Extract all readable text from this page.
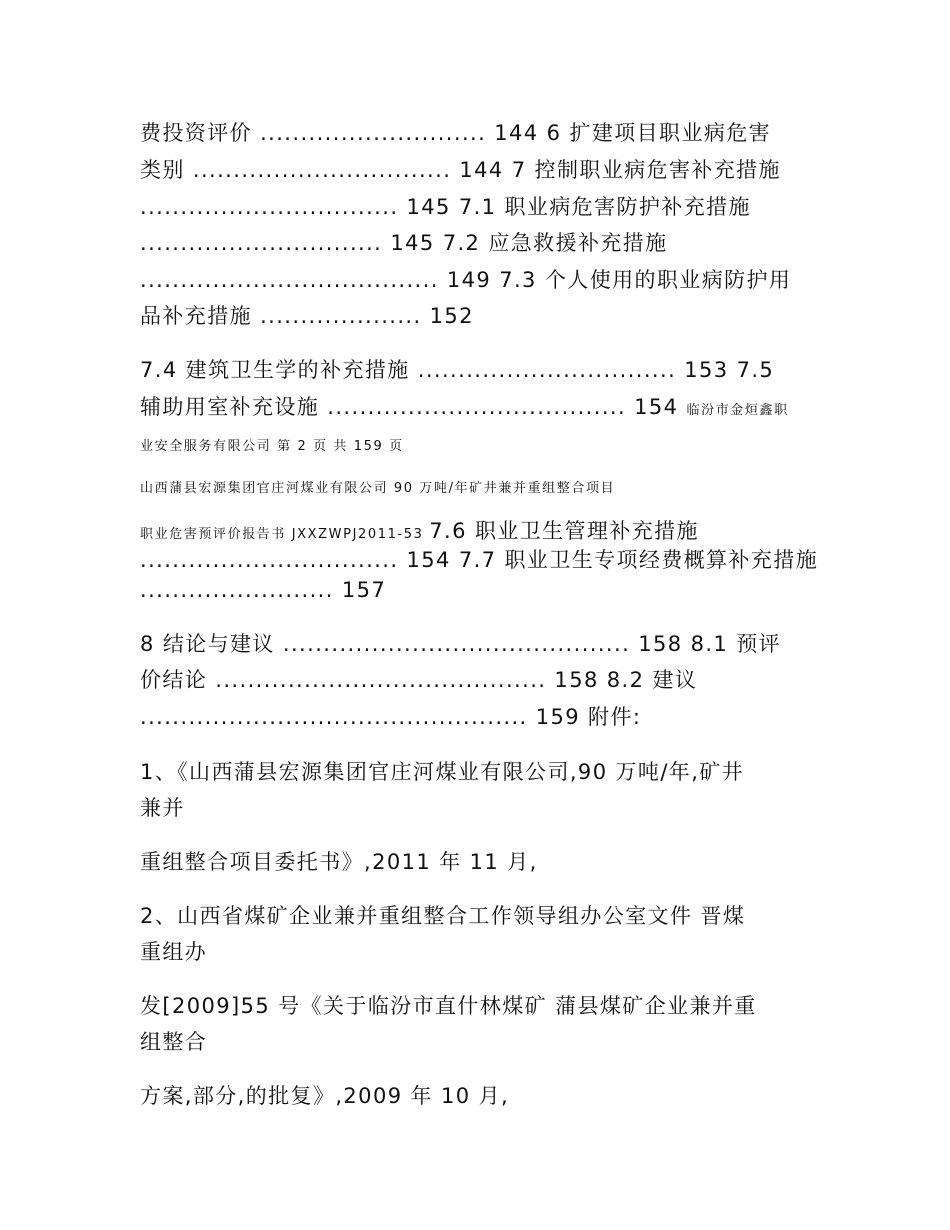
费投资评价 ............................ 144 6 扩建项目职业病危害
类别 ................................ 144 7 控制职业病危害补充措施
................................ 145 7.1 职业病危害防护补充措施
.............................. 145 7.2 应急救援补充措施
..................................... 149 7.3 个人使用的职业病防护用
品补充措施 .................... 152
7.4 建筑卫生学的补充措施 ................................ 153 7.5
辅助用室补充设施 ..................................... 154 临汾市金烜鑫职
业安全服务有限公司 第 2 页 共 159 页
山西蒲县宏源集团官庄河煤业有限公司 90 万吨/年矿井兼并重组整合项目
职业危害预评价报告书 JXXZWPJ2011-53 7.6 职业卫生管理补充措施
................................ 154 7.7 职业卫生专项经费概算补充措施
........................ 157
8 结论与建议 ........................................... 158 8.1 预评
价结论 ......................................... 158 8.2 建议
................................................ 159 附件:
1、《山西蒲县宏源集团官庄河煤业有限公司,90 万吨/年,矿井
兼并
重组整合项目委托书》,2011 年 11 月,
2、山西省煤矿企业兼并重组整合工作领导组办公室文件 晋煤
重组办
发[2009]55 号《关于临汾市直什林煤矿 蒲县煤矿企业兼并重
组整合
方案,部分,的批复》,2009 年 10 月,
